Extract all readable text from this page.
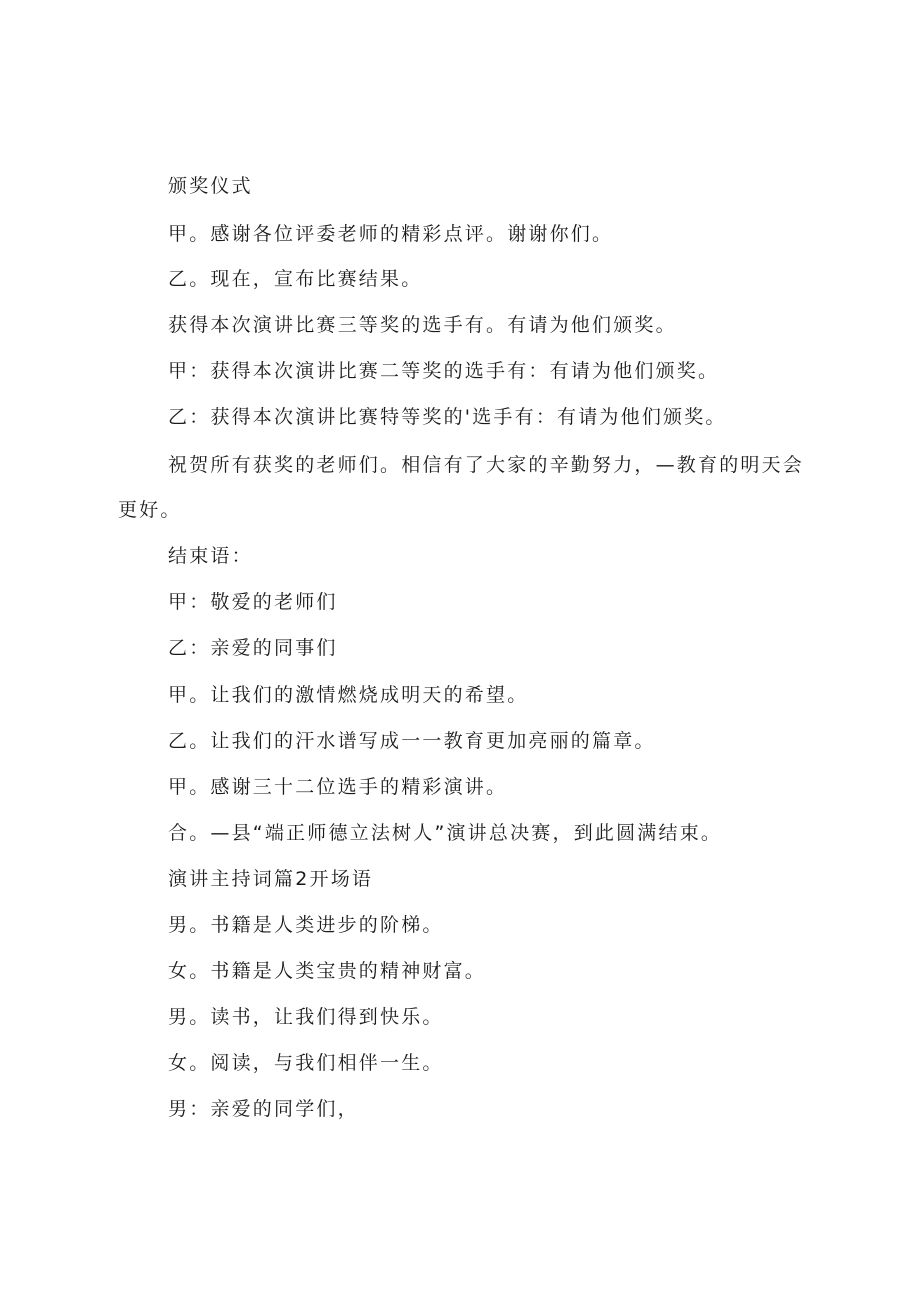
颁奖仪式

甲。感谢各位评委老师的精彩点评。谢谢你们。

乙。现在，宣布比赛结果。

获得本次演讲比赛三等奖的选手有。有请为他们颁奖。

甲：获得本次演讲比赛二等奖的选手有：有请为他们颁奖。

乙：获得本次演讲比赛特等奖的'选手有：有请为他们颁奖。

祝贺所有获奖的老师们。相信有了大家的辛勤努力，—教育的明天会

更好。

结束语：

甲：敬爱的老师们

乙：亲爱的同事们

甲。让我们的激情燃烧成明天的希望。

乙。让我们的汗水谱写成一一教育更加亮丽的篇章。

甲。感谢三十二位选手的精彩演讲。

合。—县“端正师德立法树人”演讲总决赛，到此圆满结束。

演讲主持词篇2开场语

男。书籍是人类进步的阶梯。

女。书籍是人类宝贵的精神财富。

男。读书，让我们得到快乐。

女。阅读，与我们相伴一生。

男：亲爱的同学们，
